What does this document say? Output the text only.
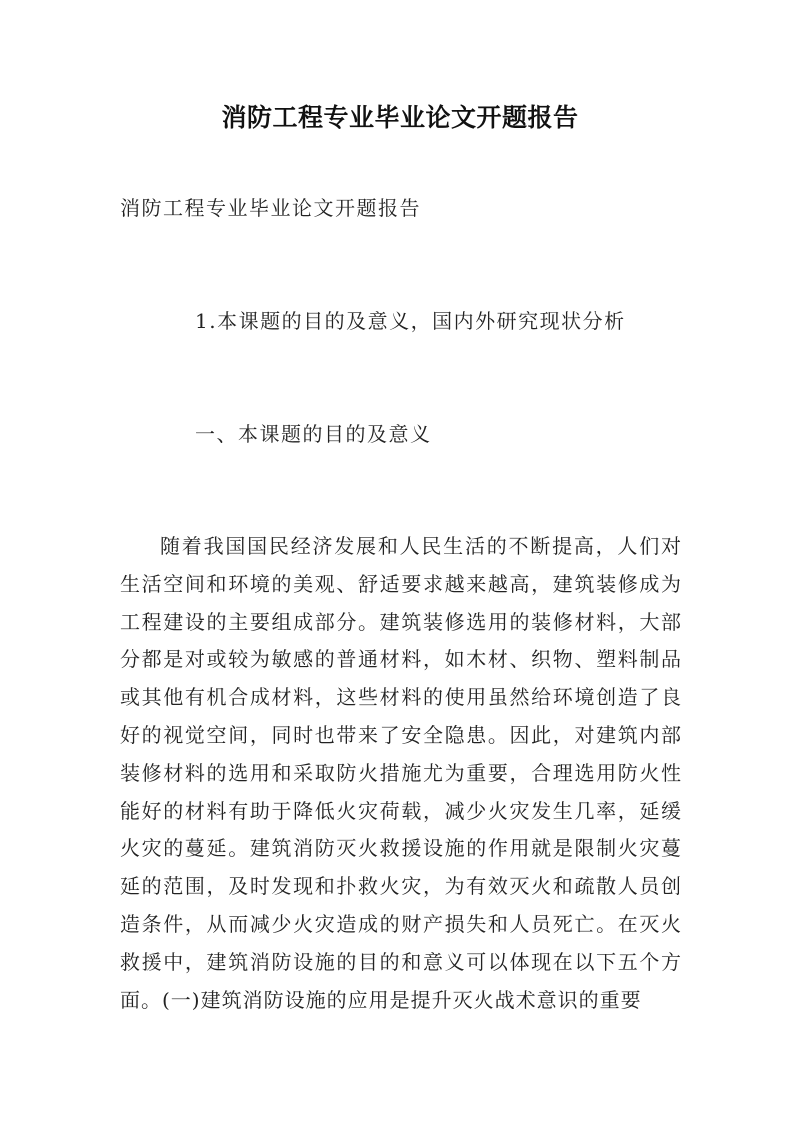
消防工程专业毕业论文开题报告
消防工程专业毕业论文开题报告
1.本课题的目的及意义，国内外研究现状分析
一、本课题的目的及意义
随着我国国民经济发展和人民生活的不断提高，人们对生活空间和环境的美观、舒适要求越来越高，建筑装修成为工程建设的主要组成部分。建筑装修选用的装修材料，大部分都是对或较为敏感的普通材料，如木材、织物、塑料制品或其他有机合成材料，这些材料的使用虽然给环境创造了良好的视觉空间，同时也带来了安全隐患。因此，对建筑内部装修材料的选用和采取防火措施尤为重要，合理选用防火性能好的材料有助于降低火灾荷载，减少火灾发生几率，延缓火灾的蔓延。建筑消防灭火救援设施的作用就是限制火灾蔓延的范围，及时发现和扑救火灾，为有效灭火和疏散人员创造条件，从而减少火灾造成的财产损失和人员死亡。在灭火救援中，建筑消防设施的目的和意义可以体现在以下五个方面。(一)建筑消防设施的应用是提升灭火战术意识的重要
